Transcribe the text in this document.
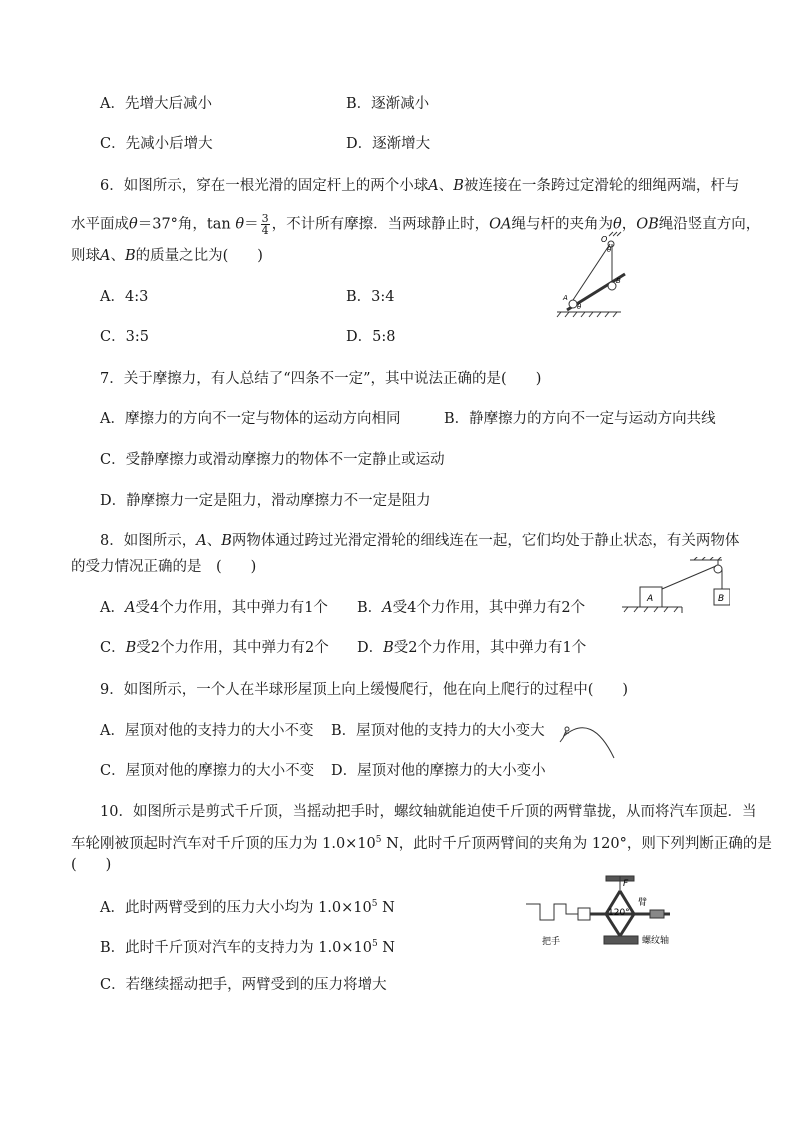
A．先增大后减小	B．逐渐减小
C．先减小后增大	D．逐渐增大
6．如图所示，穿在一根光滑的固定杆上的两个小球A、B被连接在一条跨过定滑轮的细绳两端，杆与
水平面成θ＝37°角，$\tan \theta= \frac{3}{4}$ ，不计所有摩擦．当两球静止时，OA绳与杆的夹角为θ，OB绳沿竖直方向，
则球A、B的质量之比为(　　)
A．4:3	B．3:4
C．3:5	D．5:8
O
θ
A
θ
B
7．关于摩擦力，有人总结了“四条不一定”，其中说法正确的是(　　)
A．摩擦力的方向不一定与物体的运动方向相同	B．静摩擦力的方向不一定与运动方向共线
C．受静摩擦力或滑动摩擦力的物体不一定静止或运动
D．静摩擦力一定是阻力，滑动摩擦力不一定是阻力
8．如图所示，A、B两物体通过跨过光滑定滑轮的细线连在一起，它们均处于静止状态，有关两物体
的受力情况正确的是　(　　)
A．A受4个力作用，其中弹力有1个 B．A受4个力作用，其中弹力有2个
C．B受2个力作用，其中弹力有2个 D．B受2个力作用，其中弹力有1个
A	B
9．如图所示，一个人在半球形屋顶上向上缓慢爬行，他在向上爬行的过程中(　　)
A．屋顶对他的支持力的大小不变 B．屋顶对他的支持力的大小变大
C．屋顶对他的摩擦力的大小不变 D．屋顶对他的摩擦力的大小变小
10．如图所示是剪式千斤顶，当摇动把手时，螺纹轴就能迫使千斤顶的两臂靠拢，从而将汽车顶起．当
车轮刚被顶起时汽车对千斤顶的压力为 $1.0\times 10^5$ N，此时千斤顶两臂间的夹角为 120°，则下列判断正确的是
(　　)
A．此时两臂受到的压力大小均为 $1.0\times 10^5$ N
B．此时千斤顶对汽车的支持力为 $1.0\times 10^5$ N
C．若继续摇动把手，两臂受到的压力将增大
F
臂
120°
把手	螺纹轴
